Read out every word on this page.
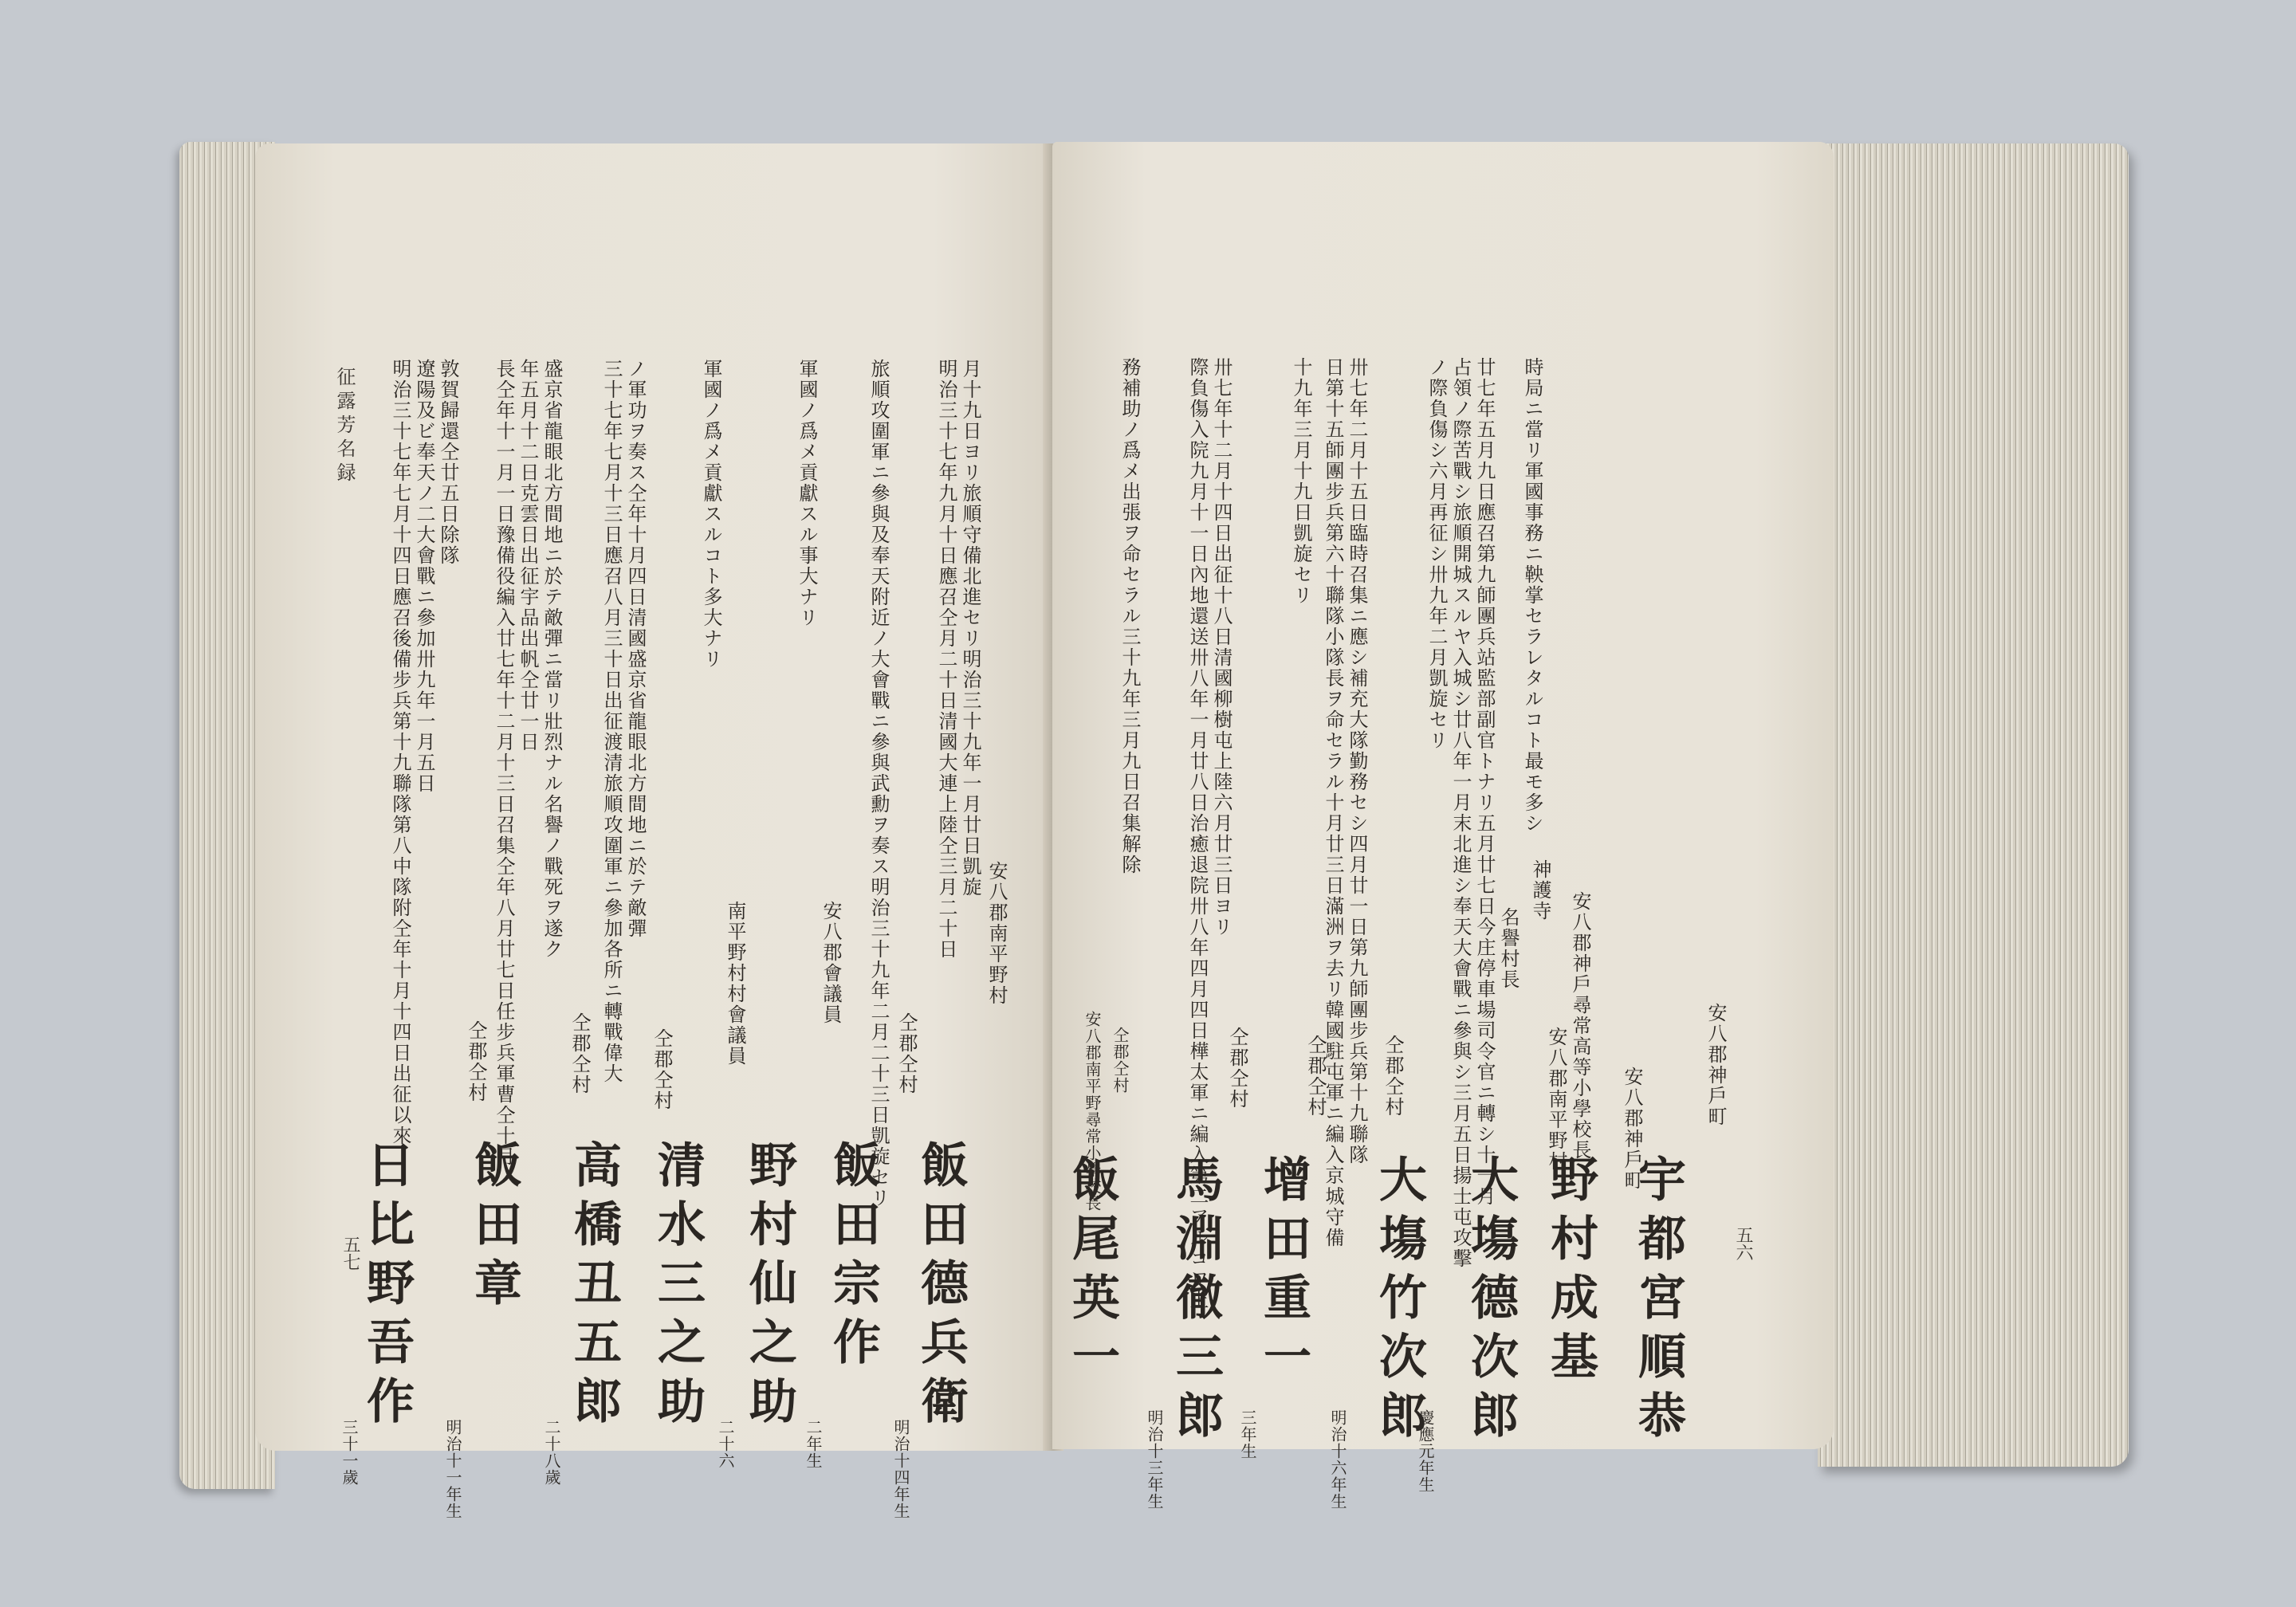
征露芳名録
五七
明治三十七年七月十四日應召後備步兵第十九聯隊第八中隊附仝年十月十四日出征以來 遼陽及ビ奉天ノ二大會戰ニ參加卅九年一月五日 敦賀歸還仝廿五日除隊
仝郡仝村
日比野吾作
三十一歲
長仝年十一月一日豫備役編入廿七年十二月十三日召集仝年八月廿七日任步兵軍曹仝十月 年五月十二日克雲日出征宇品出帆仝廿一日 盛京省龍眼北方間地ニ於テ敵彈ニ當リ壯烈ナル名譽ノ戰死ヲ遂ク
仝郡仝村
飯田章
明治十一年生
三十七年七月十三日應召八月三十日出征渡清旅順攻圍軍ニ參加各所ニ轉戰偉大 ノ軍功ヲ奏ス仝年十月四日清國盛京省龍眼北方間地ニ於テ敵彈
仝郡仝村
高橋丑五郎
二十八歲
軍國ノ爲メ貢獻スルコト多大ナリ
南平野村村會議員
清水三之助
軍國ノ爲メ貢獻スル事大ナリ
安八郡會議員
野村仙之助
二十六
旅順攻圍軍ニ參與及奉天附近ノ大會戰ニ參與武勳ヲ奏ス明治三十九年二月二十三日凱旋セリ 仝郡仝村
飯田宗作
二年生
明治三十七年九月十日應召仝月二十日清國大連上陸仝三月二十日 月十九日ヨリ旅順守備北進セリ明治三十九年一月廿日凱旋
安八郡南平野村
飯田德兵衛
明治十四年生
五六
時局ニ當リ軍國事務ニ鞅掌セラレタルコト最モ多シ
安八郡神戶町
神護寺
宇都宮順恭
安八郡神戶町
安八郡神戶尋常高等小學校長
野村成基
廿七年五月九日應召第九師團兵站監部副官トナリ五月廿七日今庄停車場司令官ニ轉シ十一月
占領ノ際苦戰シ旅順開城スルヤ入城シ廿八年一月末北進シ奉天大會戰ニ參與シ三月五日揚士屯攻擊
ノ際負傷シ六月再征シ卅九年二月凱旋セリ
安八郡南平野村
名譽村長
大塲德次郎
慶應元年生
卅七年二月十五日臨時召集ニ應シ補充大隊勤務セシ四月廿一日第九師團步兵第十九聯隊
日第十五師團步兵第六十聯隊小隊長ヲ命セラル十月廿三日滿洲ヲ去リ韓國駐屯軍ニ編入京城守備 仝郡仝村
大塲竹次郎
明治十六年生
十九年三月十九日凱旋セリ
仝郡仝村
增田重一
三年生
卅七年十二月十四日出征十八日清國柳樹屯上陸六月廿三日ヨリ
際負傷入院九月十一日內地還送卅八年一月廿八日治癒退院卅八年四月四日樺太軍ニ編入第二アルコワ上 仝郡仝村
馬淵徹三郎
明治十三年生
務補助ノ爲メ出張ヲ命セラル三十九年三月九日召集解除
安八郡南平野尋常小學校長 仝郡仝村
飯尾英一
